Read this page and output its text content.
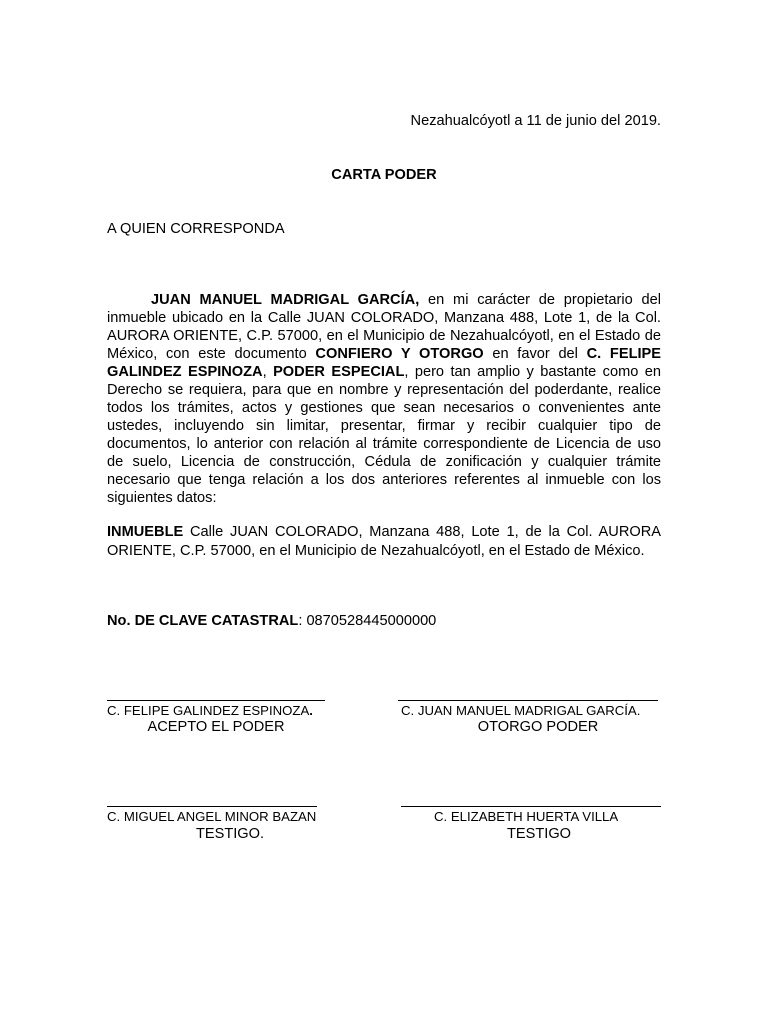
Nezahualcóyotl a 11 de junio del 2019.
CARTA PODER
A QUIEN CORRESPONDA
JUAN MANUEL MADRIGAL GARCÍA, en mi carácter de propietario del inmueble ubicado en la Calle JUAN COLORADO, Manzana 488, Lote 1, de la Col. AURORA ORIENTE, C.P. 57000, en el Municipio de Nezahualcóyotl, en el Estado de México, con este documento CONFIERO Y OTORGO en favor del C. FELIPE GALINDEZ ESPINOZA, PODER ESPECIAL, pero tan amplio y bastante como en Derecho se requiera, para que en nombre y representación del poderdante, realice todos los trámites, actos y gestiones que sean necesarios o convenientes ante ustedes, incluyendo sin limitar, presentar, firmar y recibir cualquier tipo de documentos, lo anterior con relación al trámite correspondiente de Licencia de uso de suelo, Licencia de construcción, Cédula de zonificación y cualquier trámite necesario que tenga relación a los dos anteriores referentes al inmueble con los siguientes datos:
INMUEBLE Calle JUAN COLORADO, Manzana 488, Lote 1, de la Col. AURORA ORIENTE, C.P. 57000, en el Municipio de Nezahualcóyotl, en el Estado de México.
No. DE CLAVE CATASTRAL: 0870528445000000
C. FELIPE GALINDEZ ESPINOZA.
ACEPTO EL PODER
C. JUAN MANUEL MADRIGAL GARCÍA.
OTORGO PODER
C. MIGUEL ANGEL MINOR BAZAN
TESTIGO.
C. ELIZABETH HUERTA VILLA
TESTIGO
